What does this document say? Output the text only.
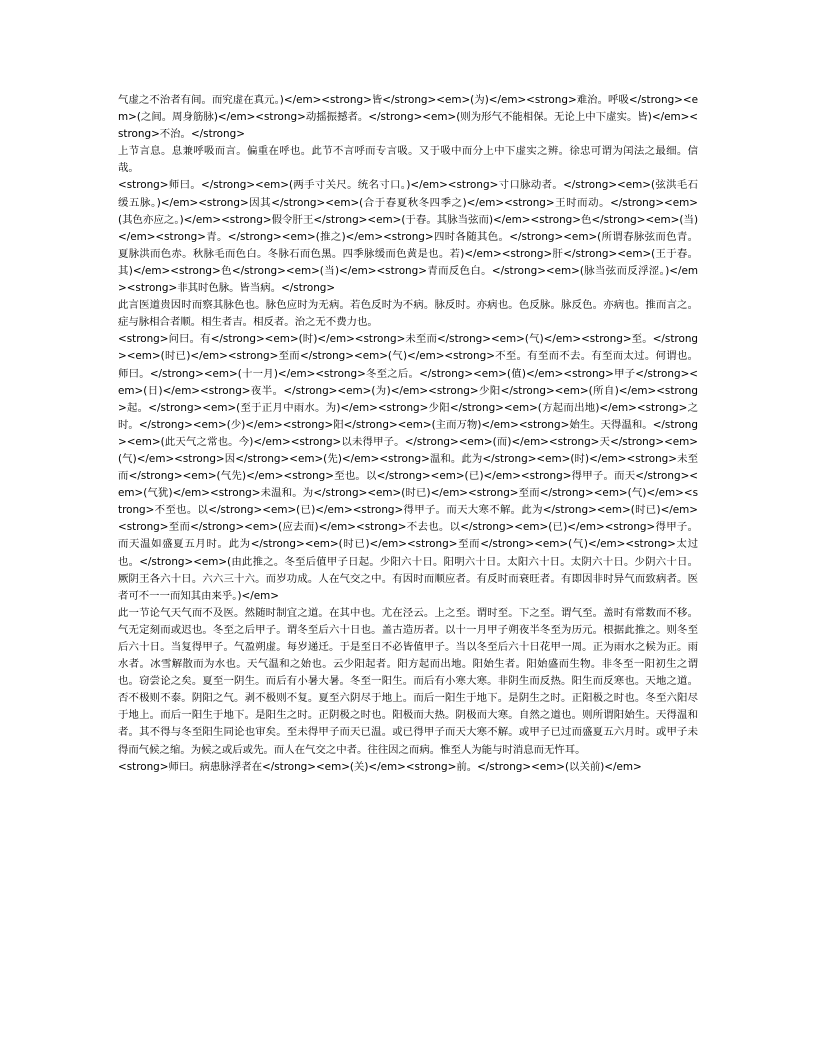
气虚之不治者有间。而究虚在真元。)</em><strong>皆</strong><em>(为)</em><strong>难治。呼吸</strong><em>(之间。周身筋脉)</em><strong>动摇振撼者。</strong><em>(则为形气不能相保。无论上中下虚实。皆)</em><strong>不治。</strong>

上节言息。息兼呼吸而言。偏重在呼也。此节不言呼而专言吸。又于吸中而分上中下虚实之辨。徐忠可谓为闰法之最细。信哉。

<strong>师曰。</strong><em>(两手寸关尺。统名寸口。)</em><strong>寸口脉动者。</strong><em>(弦洪毛石缓五脉。)</em><strong>因其</strong><em>(合于春夏秋冬四季之)</em><strong>王时而动。</strong><em>(其色亦应之。)</em><strong>假令肝王</strong><em>(于春。其脉当弦而)</em><strong>色</strong><em>(当)</em><strong>青。</strong><em>(推之)</em><strong>四时各随其色。</strong><em>(所谓春脉弦而色青。夏脉洪而色赤。秋脉毛而色白。冬脉石而色黑。四季脉缓而色黄是也。若)</em><strong>肝</strong><em>(王于春。其)</em><strong>色</strong><em>(当)</em><strong>青而反色白。</strong><em>(脉当弦而反浮涩。)</em><strong>非其时色脉。皆当病。</strong>

此言医道贵因时而察其脉色也。脉色应时为无病。若色反时为不病。脉反时。亦病也。色反脉。脉反色。亦病也。推而言之。症与脉相合者顺。相生者吉。相反者。治之无不费力也。

<strong>问曰。有</strong><em>(时)</em><strong>未至而</strong><em>(气)</em><strong>至。</strong><em>(时已)</em><strong>至而</strong><em>(气)</em><strong>不至。有至而不去。有至而太过。何谓也。师曰。</strong><em>(十一月)</em><strong>冬至之后。</strong><em>(值)</em><strong>甲子</strong><em>(日)</em><strong>夜半。</strong><em>(为)</em><strong>少阳</strong><em>(所自)</em><strong>起。</strong><em>(至于正月中雨水。为)</em><strong>少阳</strong><em>(方起而出地)</em><strong>之时。</strong><em>(少)</em><strong>阳</strong><em>(主而万物)</em><strong>始生。天得温和。</strong><em>(此天气之常也。今)</em><strong>以未得甲子。</strong><em>(而)</em><strong>天</strong><em>(气)</em><strong>因</strong><em>(先)</em><strong>温和。此为</strong><em>(时)</em><strong>未至而</strong><em>(气先)</em><strong>至也。以</strong><em>(已)</em><strong>得甲子。而天</strong><em>(气犹)</em><strong>未温和。为</strong><em>(时已)</em><strong>至而</strong><em>(气)</em><strong>不至也。以</strong><em>(已)</em><strong>得甲子。而天大寒不解。此为</strong><em>(时已)</em><strong>至而</strong><em>(应去而)</em><strong>不去也。以</strong><em>(已)</em><strong>得甲子。而天温如盛夏五月时。此为</strong><em>(时已)</em><strong>至而</strong><em>(气)</em><strong>太过也。</strong><em>(由此推之。冬至后值甲子日起。少阳六十日。阳明六十日。太阳六十日。太阴六十日。少阴六十日。厥阴王各六十日。六六三十六。而岁功成。人在气交之中。有因时而顺应者。有反时而衰旺者。有即因非时异气而致病者。医者可不一一而知其由来乎。)</em>

此一节论气天气而不及医。然随时制宜之道。在其中也。尤在泾云。上之至。谓时至。下之至。谓气至。盖时有常数而不移。气无定刻而或迟也。冬至之后甲子。谓冬至后六十日也。盖古造历者。以十一月甲子朔夜半冬至为历元。根据此推之。则冬至后六十日。当复得甲子。气盈朔虚。每岁递迁。于是至日不必皆值甲子。当以冬至后六十日花甲一周。正为雨水之候为正。雨水者。冰雪解散而为水也。天气温和之始也。云少阳起者。阳方起而出地。阳始生者。阳始盛而生物。非冬至一阳初生之谓也。窃尝论之矣。夏至一阴生。而后有小暑大暑。冬至一阳生。而后有小寒大寒。非阴生而反热。阳生而反寒也。天地之道。否不极则不泰。阴阳之气。剥不极则不复。夏至六阴尽于地上。而后一阳生于地下。是阴生之时。正阳极之时也。冬至六阳尽于地上。而后一阳生于地下。是阳生之时。正阴极之时也。阳极而大热。阴极而大寒。自然之道也。则所谓阳始生。天得温和者。其不得与冬至阳生同论也审矣。至未得甲子而天已温。或已得甲子而天大寒不解。或甲子已过而盛夏五六月时。或甲子未得而气候之缩。为候之或后或先。而人在气交之中者。往往因之而病。惟至人为能与时消息而无忤耳。

<strong>师曰。病患脉浮者在</strong><em>(关)</em><strong>前。</strong><em>(以关前)</em>
